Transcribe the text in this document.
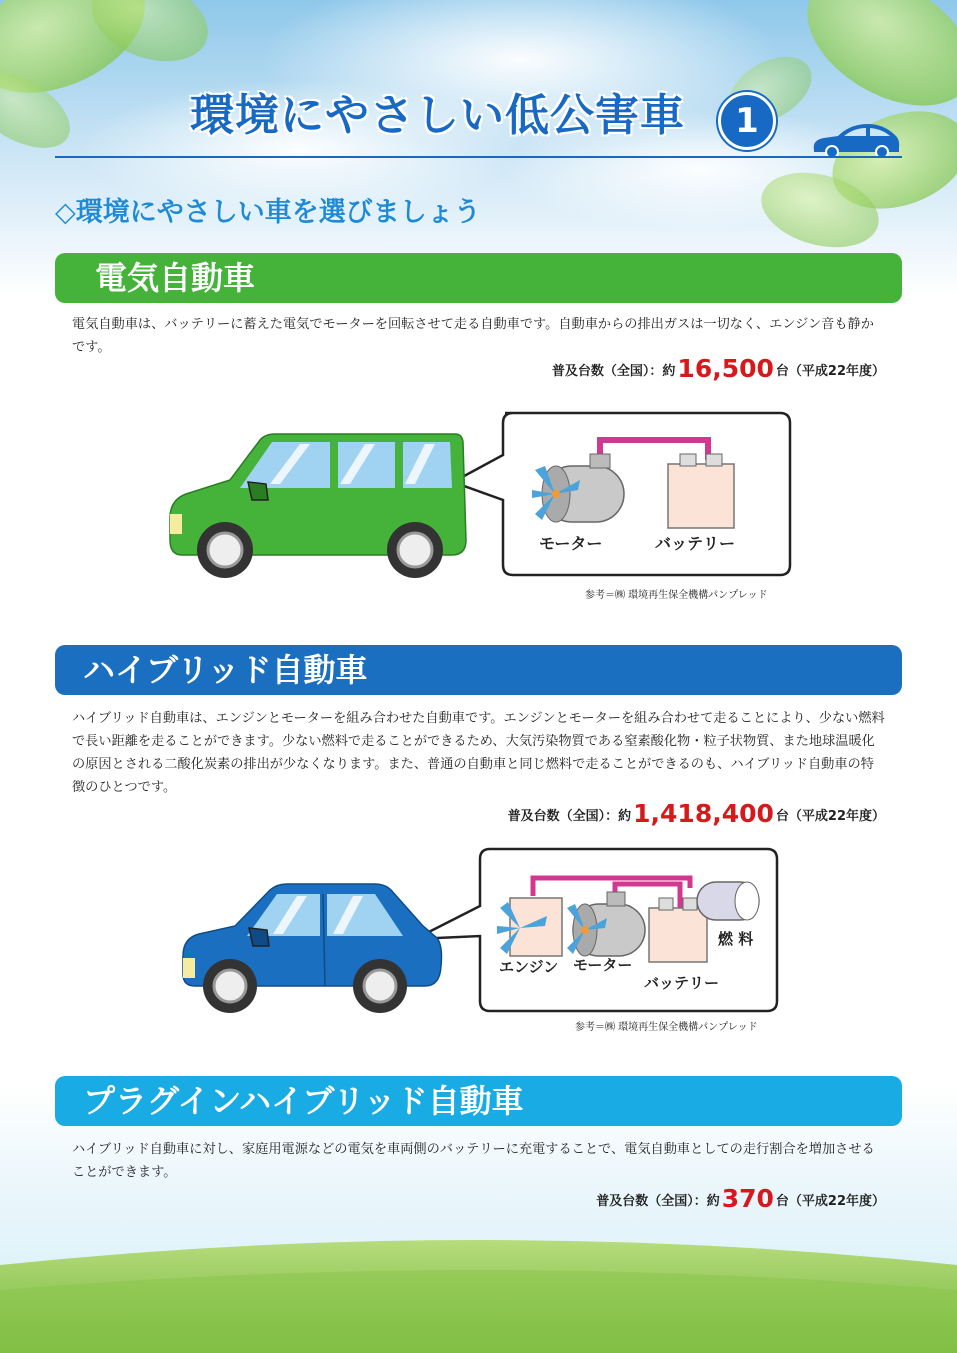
環境にやさしい低公害車	1
◇環境にやさしい車を選びましょう
電気自動車
電気自動車は、バッテリーに蓄えた電気でモーターを回転させて走る自動車です。自動車からの排出ガスは一切なく、エンジン音も静かです。
普及台数（全国）：約16,500 台（平成22年度）
モーター	バッテリー
参考＝㈱ 環境再生保全機構パンプレッド
ハイブリッド自動車
ハイブリッド自動車は、エンジンとモーターを組み合わせた自動車です。エンジンとモーターを組み合わせて走ることにより、少ない燃料で長い距離を走ることができます。少ない燃料で走ることができるため、大気汚染物質である窒素酸化物・粒子状物質、また地球温暖化の原因とされる二酸化炭素の排出が少なくなります。また、普通の自動車と同じ燃料で走ることができるのも、ハイブリッド自動車の特徴のひとつです。
普及台数（全国）：約1,418,400 台（平成22年度）
エンジン モーター
バッテリー
燃 料
参考＝㈱ 環境再生保全機構パンプレッド
プラグインハイブリッド自動車
ハイブリッド自動車に対し、家庭用電源などの電気を車両側のバッテリーに充電することで、電気自動車としての走行割合を増加させることができます。
普及台数（全国）：約370 台（平成22年度）
